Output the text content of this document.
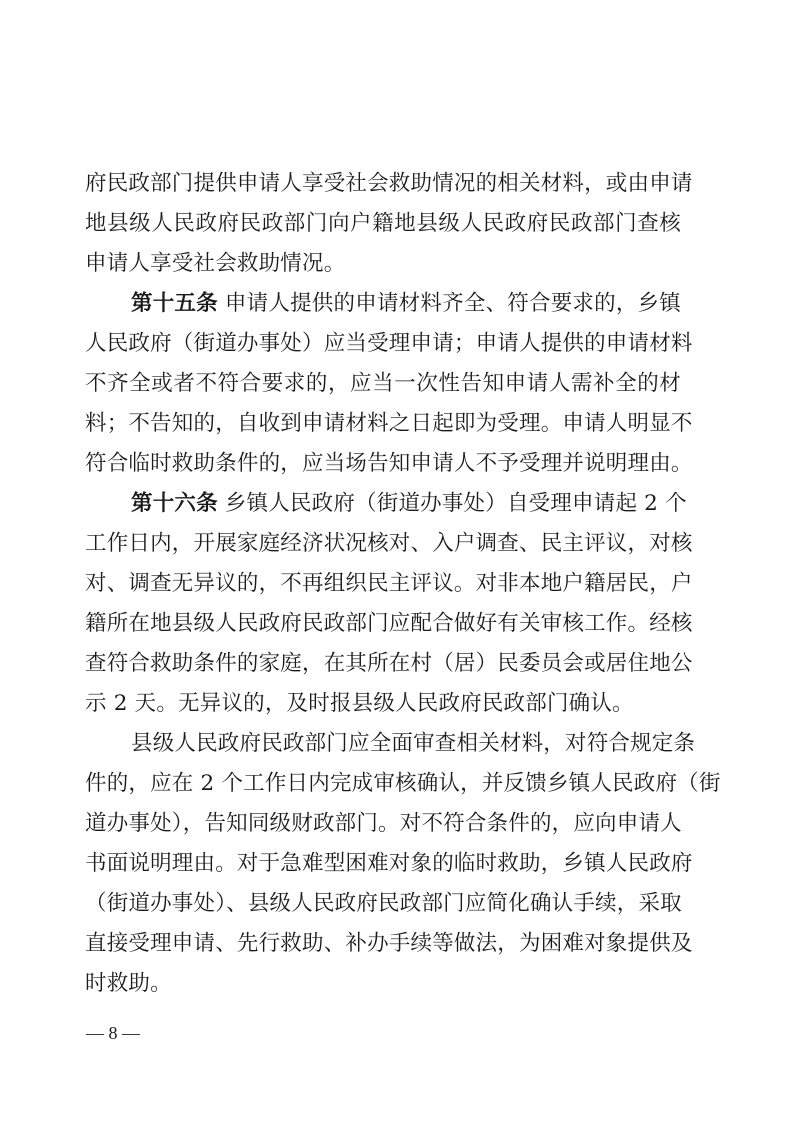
府民政部门提供申请人享受社会救助情况的相关材料，或由申请
地县级人民政府民政部门向户籍地县级人民政府民政部门查核
申请人享受社会救助情况。
第十五条 申请人提供的申请材料齐全、符合要求的，乡镇
人民政府（街道办事处）应当受理申请；申请人提供的申请材料
不齐全或者不符合要求的，应当一次性告知申请人需补全的材
料；不告知的，自收到申请材料之日起即为受理。申请人明显不
符合临时救助条件的，应当场告知申请人不予受理并说明理由。
第十六条 乡镇人民政府（街道办事处）自受理申请起 2 个
工作日内，开展家庭经济状况核对、入户调查、民主评议，对核
对、调查无异议的，不再组织民主评议。对非本地户籍居民，户
籍所在地县级人民政府民政部门应配合做好有关审核工作。经核
查符合救助条件的家庭，在其所在村（居）民委员会或居住地公
示 2 天。无异议的，及时报县级人民政府民政部门确认。
县级人民政府民政部门应全面审查相关材料，对符合规定条
件的，应在 2 个工作日内完成审核确认，并反馈乡镇人民政府（街
道办事处），告知同级财政部门。对不符合条件的，应向申请人
书面说明理由。对于急难型困难对象的临时救助，乡镇人民政府
（街道办事处）、县级人民政府民政部门应简化确认手续，采取
直接受理申请、先行救助、补办手续等做法，为困难对象提供及
时救助。
— 8 —
